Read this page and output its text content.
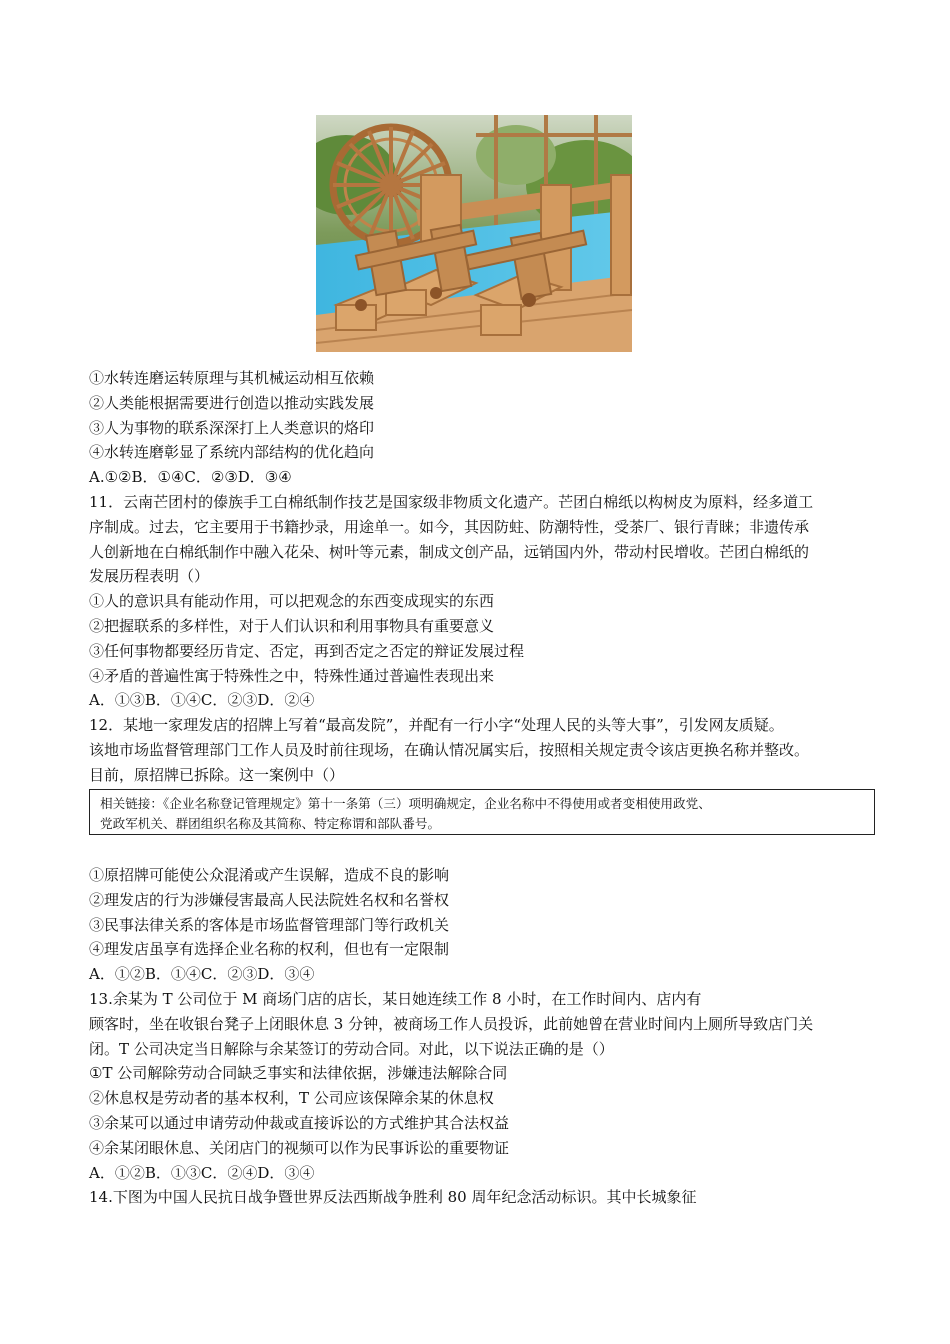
①水转连磨运转原理与其机械运动相互依赖
②人类能根据需要进行创造以推动实践发展
③人为事物的联系深深打上人类意识的烙印
④水转连磨彰显了系统内部结构的优化趋向
A.①②B．①④C．②③D．③④
11．云南芒团村的傣族手工白棉纸制作技艺是国家级非物质文化遗产。芒团白棉纸以构树皮为原料，经多道工
序制成。过去，它主要用于书籍抄录，用途单一。如今，其因防蛀、防潮特性，受茶厂、银行青睐；非遗传承
人创新地在白棉纸制作中融入花朵、树叶等元素，制成文创产品，远销国内外，带动村民增收。芒团白棉纸的
发展历程表明（）
①人的意识具有能动作用，可以把观念的东西变成现实的东西
②把握联系的多样性，对于人们认识和利用事物具有重要意义
③任何事物都要经历肯定、否定，再到否定之否定的辩证发展过程
④矛盾的普遍性寓于特殊性之中，特殊性通过普遍性表现出来
A．①③B．①④C．②③D．②④
12．某地一家理发店的招牌上写着“最高发院”，并配有一行小字“处理人民的头等大事”，引发网友质疑。
该地市场监督管理部门工作人员及时前往现场，在确认情况属实后，按照相关规定责令该店更换名称并整改。
目前，原招牌已拆除。这一案例中（）
相关链接：《企业名称登记管理规定》第十一条第（三）项明确规定，企业名称中不得使用或者变相使用政党、
党政军机关、群团组织名称及其简称、特定称谓和部队番号。
①原招牌可能使公众混淆或产生误解，造成不良的影响
②理发店的行为涉嫌侵害最高人民法院姓名权和名誉权
③民事法律关系的客体是市场监督管理部门等行政机关
④理发店虽享有选择企业名称的权利，但也有一定限制
A．①②B．①④C．②③D．③④
13.余某为 T 公司位于 M 商场门店的店长，某日她连续工作 8 小时，在工作时间内、店内有
顾客时，坐在收银台凳子上闭眼休息 3 分钟，被商场工作人员投诉，此前她曾在营业时间内上厕所导致店门关
闭。T 公司决定当日解除与余某签订的劳动合同。对此，以下说法正确的是（）
①T 公司解除劳动合同缺乏事实和法律依据，涉嫌违法解除合同
②休息权是劳动者的基本权利，T 公司应该保障余某的休息权
③余某可以通过申请劳动仲裁或直接诉讼的方式维护其合法权益
④余某闭眼休息、关闭店门的视频可以作为民事诉讼的重要物证
A．①②B．①③C．②④D．③④
14.下图为中国人民抗日战争暨世界反法西斯战争胜利 80 周年纪念活动标识。其中长城象征
